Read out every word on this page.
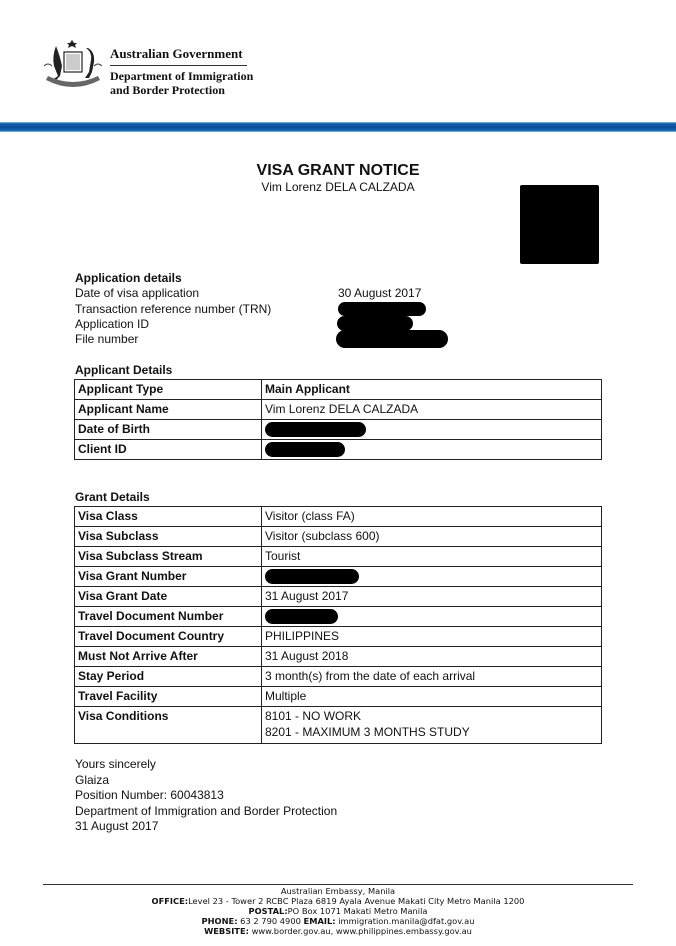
Australian Government
Department of Immigration
and Border Protection
VISA GRANT NOTICE
Vim Lorenz DELA CALZADA
Application details
Date of visa application	30 August 2017
Transaction reference number (TRN)
Application ID
File number
Applicant Details
Applicant Type	Main Applicant
Applicant Name	Vim Lorenz DELA CALZADA
Date of Birth	
Client ID	
Grant Details
Visa Class	Visitor (class FA)
Visa Subclass	Visitor (subclass 600)
Visa Subclass Stream	Tourist
Visa Grant Number	
Visa Grant Date	31 August 2017
Travel Document Number	
Travel Document Country	PHILIPPINES
Must Not Arrive After	31 August 2018
Stay Period	3 month(s) from the date of each arrival
Travel Facility	Multiple
Visa Conditions	8101 - NO WORK
8201 - MAXIMUM 3 MONTHS STUDY
Yours sincerely
Glaiza
Position Number: 60043813
Department of Immigration and Border Protection
31 August 2017
Australian Embassy, Manila
OFFICE:Level 23 - Tower 2 RCBC Plaza 6819 Ayala Avenue Makati City Metro Manila 1200
POSTAL:PO Box 1071 Makati Metro Manila
PHONE: 63 2 790 4900 EMAIL: immigration.manila@dfat.gov.au
WEBSITE: www.border.gov.au, www.philippines.embassy.gov.au
